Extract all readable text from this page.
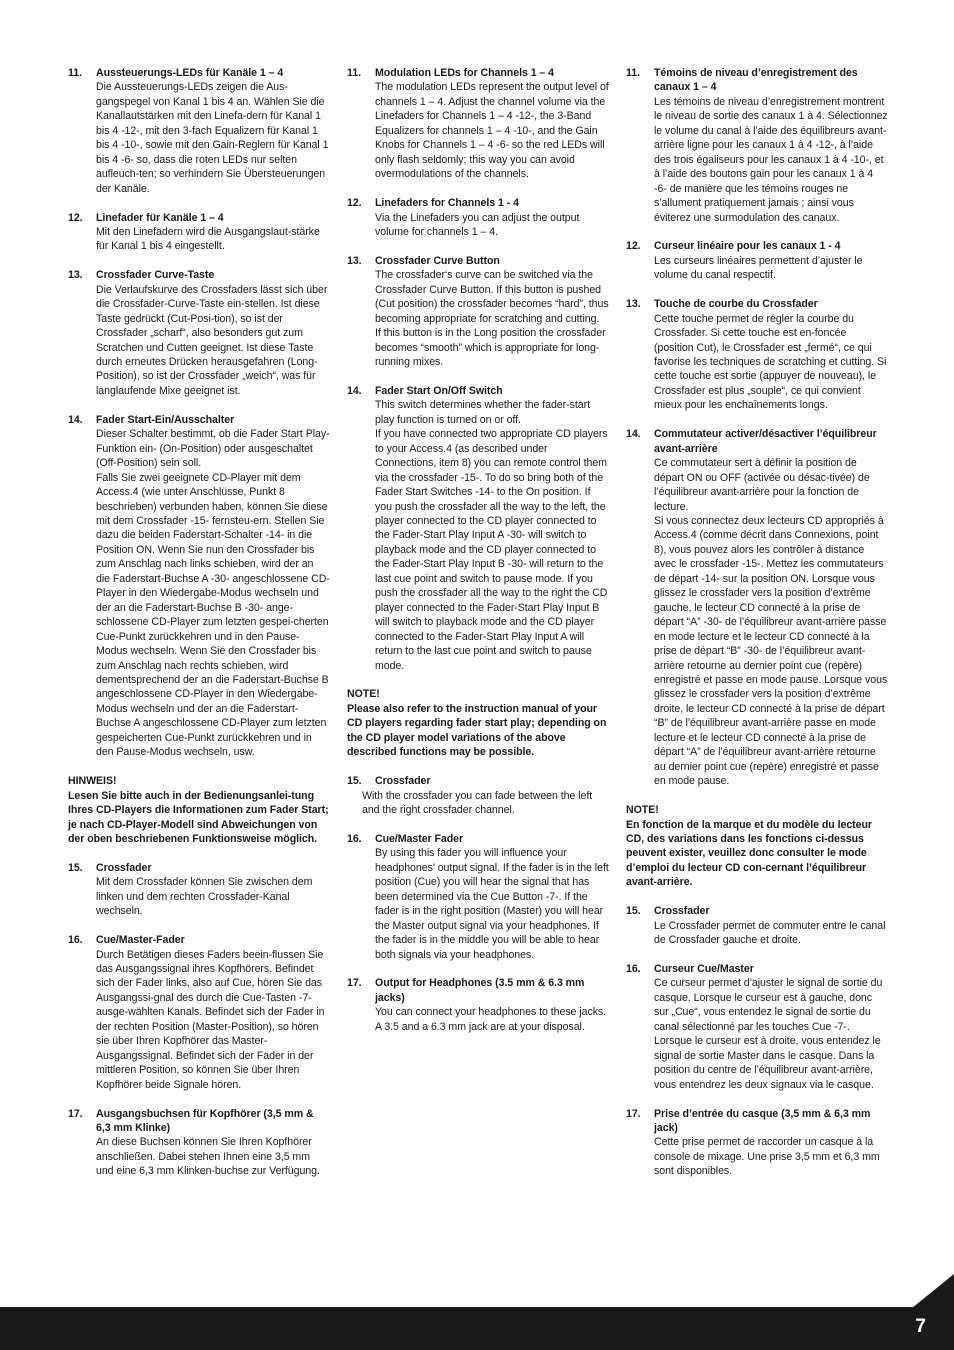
11.	Aussteuerungs-LEDs für Kanäle 1 – 4
Die Aussteuerungs-LEDs zeigen die Aus-gangspegel von Kanal 1 bis 4 an. Wählen Sie die Kanallautstärken mit den Linefa-dern für Kanal 1 bis 4 -12-, mit den 3-fach Equalizern für Kanal 1 bis 4 -10-, sowie mit den Gain-Reglern für Kanal 1 bis 4 -6- so, dass die roten LEDs nur selten aufleuch-ten; so verhindern Sie Übersteuerungen der Kanäle.
12.	Linefader für Kanäle 1 – 4
Mit den Linefadern wird die Ausgangslaut-stärke für Kanal 1 bis 4 eingestellt.
13.	Crossfader Curve-Taste
Die Verlaufskurve des Crossfaders lässt sich über die Crossfader-Curve-Taste ein-stellen. Ist diese Taste gedrückt (Cut-Posi-tion), so ist der Crossfader „scharf“, also besonders gut zum Scratchen und Cutten geeignet. Ist diese Taste durch erneutes Drücken herausgefahren (Long-Position), so ist der Crossfader „weich“, was für langlaufende Mixe geeignet ist.
14.	Fader Start-Ein/Ausschalter
Dieser Schalter bestimmt, ob die Fader Start Play-Funktion ein- (On-Position) oder ausgeschaltet (Off-Position) sein soll.
Falls Sie zwei geeignete CD-Player mit dem Access.4 (wie unter Anschlüsse, Punkt 8 beschrieben) verbunden haben, können Sie diese mit dem Crossfader -15- fernsteu-ern. Stellen Sie dazu die beiden Faderstart-Schalter -14- in die Position ON. Wenn Sie nun den Crossfader bis zum Anschlag nach links schieben, wird der an die Faderstart-Buchse A -30- angeschlossene CD-Player in den Wiedergabe-Modus wechseln und der an die Faderstart-Buchse B -30- ange-schlossene CD-Player zum letzten gespei-cherten Cue-Punkt zurückkehren und in den Pause-Modus wechseln. Wenn Sie den Crossfader bis zum Anschlag nach rechts schieben, wird dementsprechend der an die Faderstart-Buchse B angeschlossene CD-Player in den Wiedergabe-Modus wechseln und der an die Faderstart-Buchse A angeschlossene CD-Player zum letzten gespeicherten Cue-Punkt zurückkehren und in den Pause-Modus wechseln, usw.
HINWEIS!
Lesen Sie bitte auch in der Bedienungsanlei-tung Ihres CD-Players die Informationen zum Fader Start; je nach CD-Player-Modell sind Abweichungen von der oben beschriebenen Funktionsweise möglich.
15.	Crossfader
Mit dem Crossfader können Sie zwischen dem linken und dem rechten Crossfader-Kanal wechseln.
16.	Cue/Master-Fader
Durch Betätigen dieses Faders beein-flussen Sie das Ausgangssignal ihres Kopfhörers. Befindet sich der Fader links, also auf Cue, hören Sie das Ausgangssi-gnal des durch die Cue-Tasten -7- ausge-wählten Kanals. Befindet sich der Fader in der rechten Position (Master-Position), so hören sie über Ihren Kopfhörer das Master-Ausgangssignal. Befindet sich der Fader in der mittleren Position, so können Sie über Ihren Kopfhörer beide Signale hören.
17.	Ausgangsbuchsen für Kopfhörer (3,5 mm & 6,3 mm Klinke)
An diese Buchsen können Sie Ihren Kopfhörer anschließen. Dabei stehen Ihnen eine 3,5 mm und eine 6,3 mm Klinken-buchse zur Verfügung.
11.	Modulation LEDs for Channels 1 – 4
The modulation LEDs represent the output level of channels 1 – 4. Adjust the channel volume via the Linefaders for Channels 1 – 4 -12-, the 3-Band Equalizers for channels 1 – 4 -10-, and the Gain Knobs for Channels 1 – 4 -6- so the red LEDs will only flash seldomly; this way you can avoid overmodulations of the channels.
12.	Linefaders for Channels 1 - 4
Via the Linefaders you can adjust the output volume for channels 1 – 4.
13.	Crossfader Curve Button
The crossfader‘s curve can be switched via the Crossfader Curve Button. If this button is pushed (Cut position) the crossfader becomes “hard”, thus becoming appropriate for scratching and cutting.
If this button is in the Long position the crossfader becomes “smooth” which is appropriate for long-running mixes.
14.	Fader Start On/Off Switch
This switch determines whether the fader-start play function is turned on or off.
If you have connected two appropriate CD players to your Access.4 (as described under Connections, item 8) you can remote control them via the crossfader -15-. To do so bring both of the Fader Start Switches -14- to the On position. If you push the crossfader all the way to the left, the player connected to the CD player connected to the Fader-Start Play Input A -30- will switch to playback mode and the CD player connected to the Fader-Start Play Input B -30- will return to the last cue point and switch to pause mode. If you push the crossfader all the way to the right the CD player connected to the Fader-Start Play Input B will switch to playback mode and the CD player connected to the Fader-Start Play Input A will return to the last cue point and switch to pause mode.
NOTE!
Please also refer to the instruction manual of your CD players regarding fader start play; depending on the CD player model variations of the above described functions may be possible.
15.	Crossfader
With the crossfader you can fade between the left and the right crossfader channel.
16.	Cue/Master Fader
By using this fader you will influence your headphones' output signal. If the fader is in the left position (Cue) you will hear the signal that has been determined via the Cue Button -7-. If the fader is in the right position (Master) you will hear the Master output signal via your headphones. If the fader is in the middle you will be able to hear both signals via your headphones.
17.	Output for Headphones (3.5 mm & 6.3 mm jacks)
You can connect your headphones to these jacks. A 3.5 and a 6.3 mm jack are at your disposal.
11.	Témoins de niveau d’enregistrement des canaux 1 – 4
Les témoins de niveau d’enregistrement montrent le niveau de sortie des canaux 1 à 4. Sélectionnez le volume du canal à l’aide des équilibreurs avant-arrière ligne pour les canaux 1 à 4 -12-, à l’aide des trois égaliseurs pour les canaux 1 à 4 -10-, et à l’aide des boutons gain pour les canaux 1 à 4 -6- de manière que les témoins rouges ne s’allument pratiquement jamais ; ainsi vous éviterez une surmodulation des canaux.
12.	Curseur linéaire pour les canaux 1 - 4
Les curseurs linéaires permettent d’ajuster le volume du canal respectif.
13.	Touche de courbe du Crossfader
Cette touche permet de régler la courbe du Crossfader. Si cette touche est en-foncée (position Cut), le Crossfader est „fermé“, ce qui favorise les techniques de scratching et cutting. Si cette touche est sortie (appuyer de nouveau), le Crossfader est plus „souple“, ce qui convient mieux pour les enchaînements longs.
14.	Commutateur activer/désactiver l’équilibreur avant-arrière
Ce commutateur sert à définir la position de départ ON ou OFF (activée ou désac-tivée) de l’équilibreur avant-arrière pour la fonction de lecture.
Si vous connectez deux lecteurs CD appropriés à Access.4 (comme décrit dans Connexions, point 8), vous pouvez alors les contrôler à distance avec le crossfader -15-. Mettez les commutateurs de départ -14- sur la position ON. Lorsque vous glissez le crossfader vers la position d’extrême gauche, le lecteur CD connecté à la prise de départ “A” -30- de l’équilibreur avant-arrière passe en mode lecture et le lecteur CD connecté à la prise de départ “B” -30- de l’équilibreur avant-arrière retourne au dernier point cue (repère) enregistré et passe en mode pause. Lorsque vous glissez le crossfader vers la position d’extrême droite, le lecteur CD connecté à la prise de départ “B” de l’équilibreur avant-arrière passe en mode lecture et le lecteur CD connecté à la prise de départ “A” de l’équilibreur avant-arrière retourne au dernier point cue (repère) enregistré et passe en mode pause.
NOTE!
En fonction de la marque et du modèle du lecteur CD, des variations dans les fonctions ci-dessus peuvent exister, veuillez donc consulter le mode d’emploi du lecteur CD con-cernant l’équilibreur avant-arrière.
15.	Crossfader
Le Crossfader permet de commuter entre le canal de Crossfader gauche et droite.
16.	Curseur Cue/Master
Ce curseur permet d’ajuster le signal de sortie du casque. Lorsque le curseur est à gauche, donc sur „Cue“, vous entendez le signal de sortie du canal sélectionné par les touches Cue -7-. Lorsque le curseur est à droite, vous entendez le signal de sortie Master dans le casque. Dans la position du centre de l’équilibreur avant-arrière, vous entendrez les deux signaux via le casque.
17.	Prise d’entrée du casque (3,5 mm & 6,3 mm jack)
Cette prise permet de raccorder un casque à la console de mixage. Une prise 3,5 mm et 6,3 mm sont disponibles.
7
